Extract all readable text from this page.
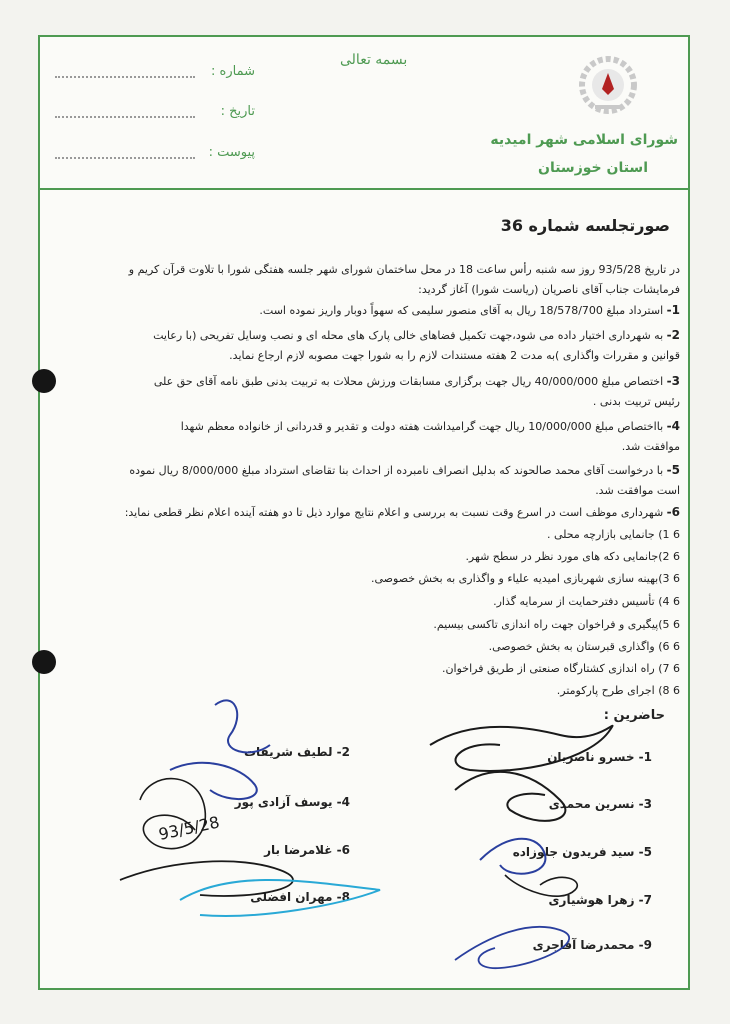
شماره :
تاریخ :
پیوست :
بسمه تعالی
شورای اسلامی شهر امیدیه
استان خوزستان
صورتجلسه شماره 36
در تاریخ 93/5/28 روز سه شنبه رأس ساعت 18 در محل ساختمان شورای شهر جلسه هفتگی شورا با تلاوت قرآن کریم و
فرمایشات جناب آقای ناصریان (ریاست شورا) آغاز گردید:
1- استرداد مبلغ 18/578/700 ریال به آقای منصور سلیمی که سهواً دوبار واریز نموده است.
2- به شهرداری اختیار داده می شود،جهت تکمیل فضاهای خالی پارک های محله ای و نصب وسایل تفریحی (با رعایت
قوانین و مقررات واگذاری )به مدت 2 هفته مستندات لازم را به شورا جهت مصوبه لازم ارجاع نماید.
3- اختصاص مبلغ 40/000/000 ریال جهت برگزاری مسابقات ورزش محلات به تربیت بدنی طبق نامه آقای حق علی
رئیس تربیت بدنی .
4- بااختصاص مبلغ 10/000/000 ریال جهت گرامیداشت هفته دولت و تقدیر و قدردانی از خانواده معظم شهدا
موافقت شد.
5- با درخواست آقای محمد صالحوند که بدلیل انصراف نامبرده از احداث بنا تقاضای استرداد مبلغ 8/000/000 ریال نموده
است موافقت شد.
6- شهرداری موظف است در اسرع وقت نسبت به بررسی و اعلام نتایج موارد ذیل تا دو هفته آینده اعلام نظر قطعی نماید:
6 1) جانمایی بازارچه محلی .
6 2)جانمایی دکه های مورد نظر در سطح شهر.
6 3)بهینه سازی شهربازی امیدیه علیاء و واگذاری به بخش خصوصی.
6 4) تأسیس دفترحمایت از سرمایه گذار.
6 5)پیگیری و فراخوان جهت راه اندازی تاکسی بیسیم.
6 6) واگذاری قبرستان به بخش خصوصی.
6 7) راه اندازی کشتارگاه صنعتی از طریق فراخوان.
6 8) اجرای طرح پارکومتر.
حاضرین :
1- خسرو ناصریان
3- نسرین محمدی
5- سید فریدون جلوزاده
7- زهرا هوشیاری
9- محمدرضا آقاجری
2- لطیف شریفات
4- یوسف آزادی پور
6- غلامرضا بار
8- مهران افضلی
93/5/28
